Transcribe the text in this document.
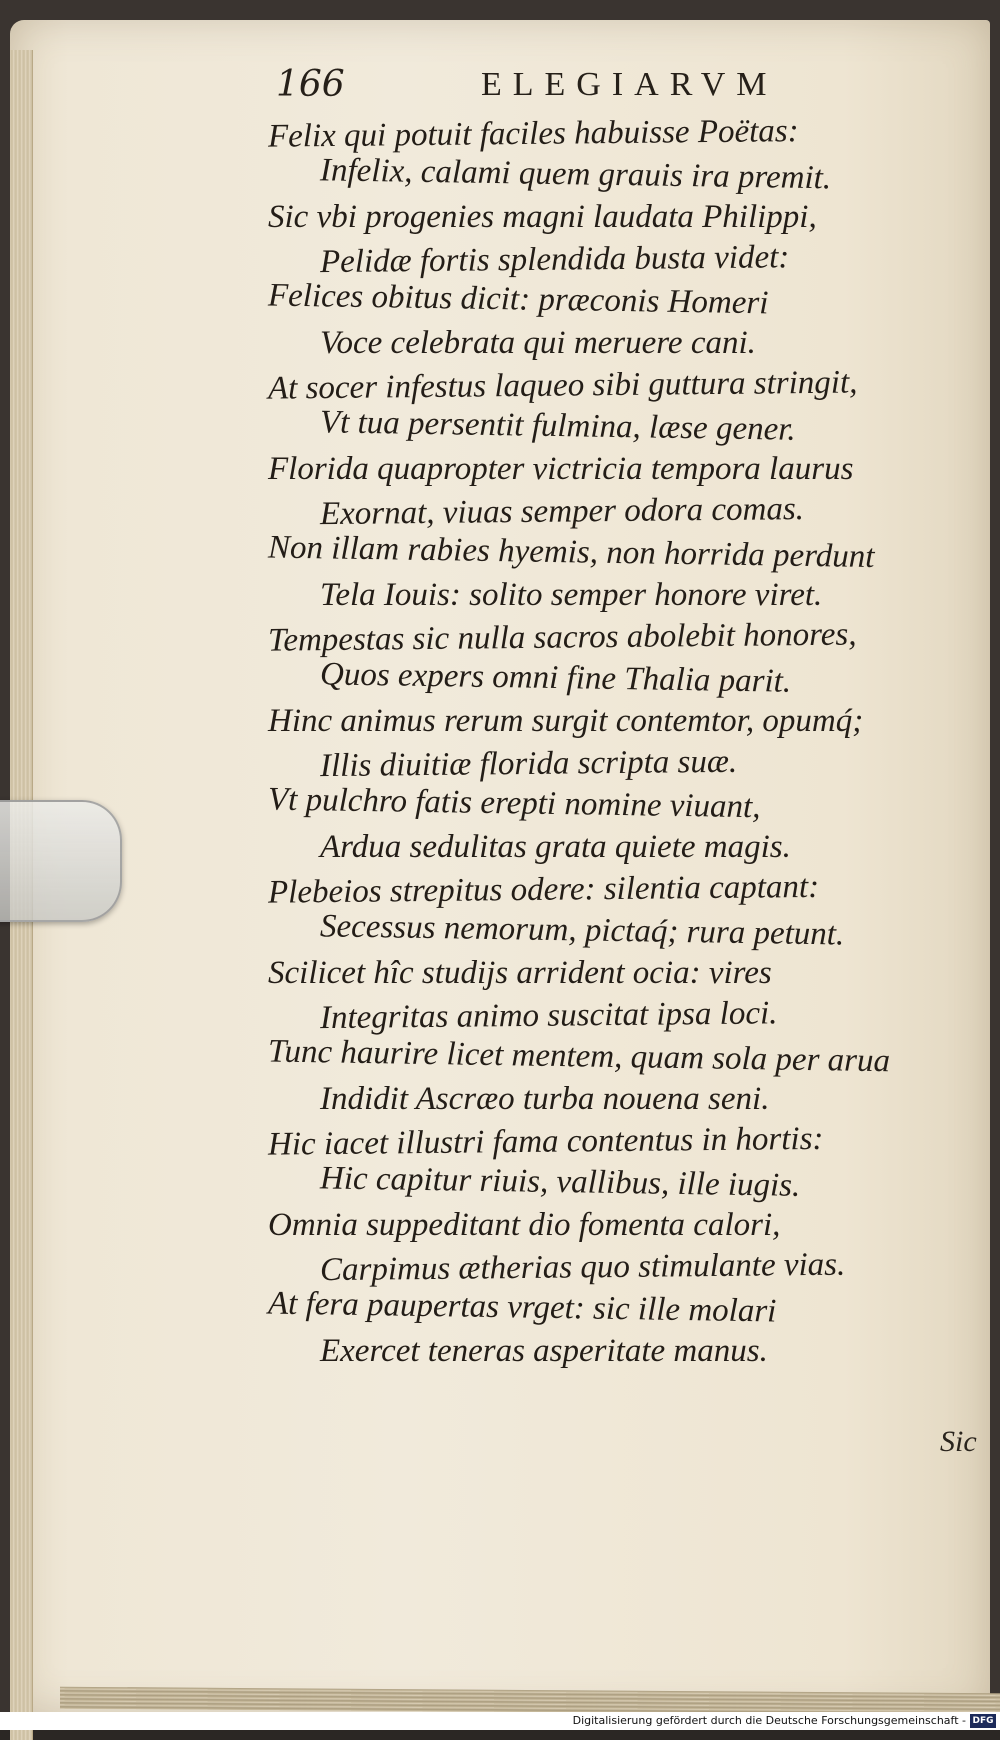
166	ELEGIARVM
Felix qui potuit faciles habuisse Poëtas:
Infelix, calami quem grauis ira premit.
Sic vbi progenies magni laudata Philippi,
Pelidæ fortis splendida busta videt:
Felices obitus dicit: præconis Homeri
Voce celebrata qui meruere cani.
At socer infestus laqueo sibi guttura stringit,
Vt tua persentit fulmina, læse gener.
Florida quapropter victricia tempora laurus
Exornat, viuas semper odora comas.
Non illam rabies hyemis, non horrida perdunt
Tela Iouis: solito semper honore viret.
Tempestas sic nulla sacros abolebit honores,
Quos expers omni fine Thalia parit.
Hinc animus rerum surgit contemtor, opumq́;
Illis diuitiæ florida scripta suæ.
Vt pulchro fatis erepti nomine viuant,
Ardua sedulitas grata quiete magis.
Plebeios strepitus odere: silentia captant:
Secessus nemorum, pictaq́; rura petunt.
Scilicet hîc studijs arrident ocia: vires
Integritas animo suscitat ipsa loci.
Tunc haurire licet mentem, quam sola per arua
Indidit Ascræo turba nouena seni.
Hic iacet illustri fama contentus in hortis:
Hic capitur riuis, vallibus, ille iugis.
Omnia suppeditant dio fomenta calori,
Carpimus ætherias quo stimulante vias.
At fera paupertas vrget: sic ille molari
Exercet teneras asperitate manus.
Sic
Digitalisierung gefördert durch die Deutsche Forschungsgemeinschaft - DFG
